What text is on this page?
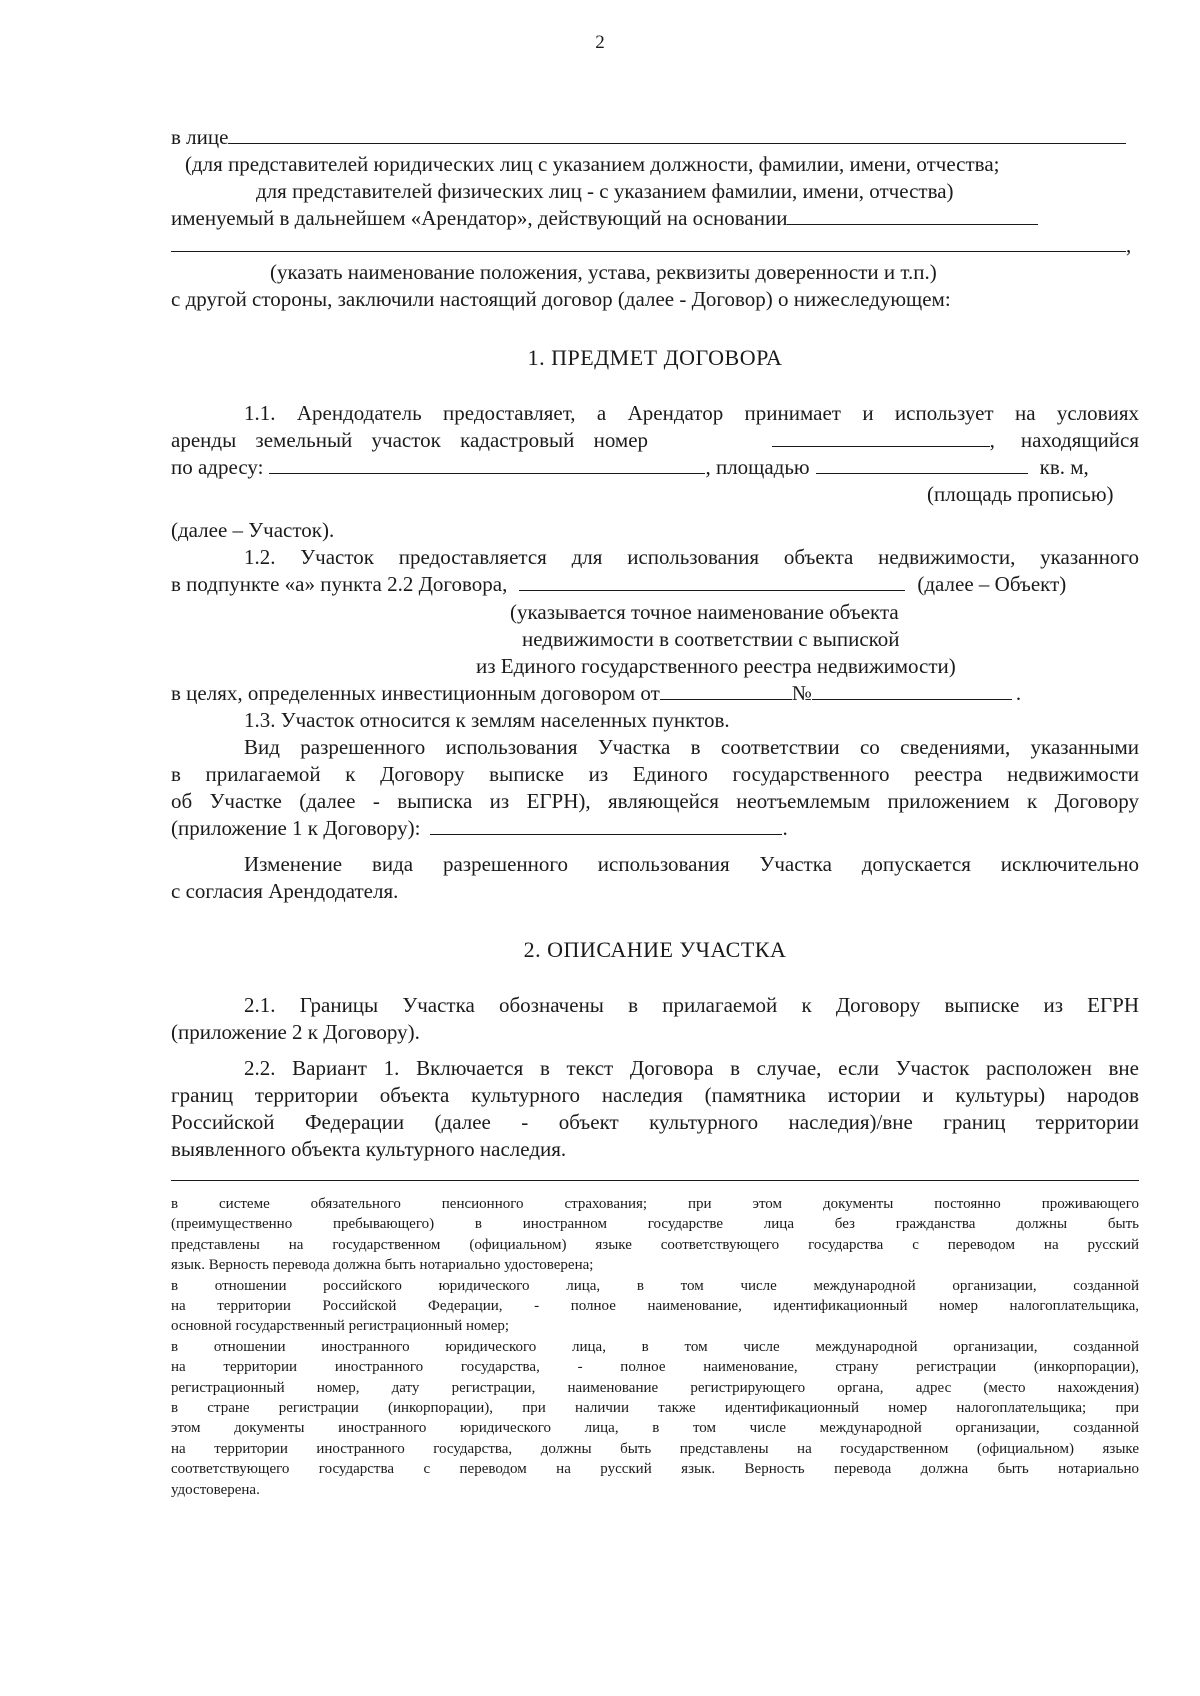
2
в лице
(для представителей юридических лиц с указанием должности, фамилии, имени, отчества;
для представителей физических лиц - с указанием фамилии, имени, отчества)
именуемый в дальнейшем «Арендатор», действующий на основании
,
(указать наименование положения, устава, реквизиты доверенности и т.п.)
с другой стороны, заключили настоящий договор (далее - Договор) о нижеследующем:
1. ПРЕДМЕТ ДОГОВОРА
1.1. Арендодатель предоставляет, а Арендатор принимает и использует на условиях
аренды земельный участок кадастровый номер	, находящийся
по адресу:	, площадью	кв. м,
(площадь прописью)
(далее – Участок).
1.2. Участок предоставляется для использования объекта недвижимости, указанного
в подпункте «а» пункта 2.2 Договора,	(далее – Объект)
(указывается точное наименование объекта
недвижимости в соответствии с выпиской
из Единого государственного реестра недвижимости)
в целях, определенных инвестиционным договором от	№	.
1.3. Участок относится к землям населенных пунктов.
Вид разрешенного использования Участка в соответствии со сведениями, указанными
в прилагаемой к Договору выписке из Единого государственного реестра недвижимости
об Участке (далее - выписка из ЕГРН), являющейся неотъемлемым приложением к Договору
(приложение 1 к Договору):	.
Изменение вида разрешенного использования Участка допускается исключительно
с согласия Арендодателя.
2. ОПИСАНИЕ УЧАСТКА
2.1. Границы Участка обозначены в прилагаемой к Договору выписке из ЕГРН
(приложение 2 к Договору).
2.2. Вариант 1. Включается в текст Договора в случае, если Участок расположен вне
границ территории объекта культурного наследия (памятника истории и культуры) народов
Российской Федерации (далее - объект культурного наследия)/вне границ территории
выявленного объекта культурного наследия.
в системе обязательного пенсионного страхования; при этом документы постоянно проживающего
(преимущественно пребывающего) в иностранном государстве лица без гражданства должны быть
представлены на государственном (официальном) языке соответствующего государства с переводом на русский
язык. Верность перевода должна быть нотариально удостоверена;
в отношении российского юридического лица, в том числе международной организации, созданной
на территории Российской Федерации, - полное наименование, идентификационный номер налогоплательщика,
основной государственный регистрационный номер;
в отношении иностранного юридического лица, в том числе международной организации, созданной
на территории иностранного государства, - полное наименование, страну регистрации (инкорпорации),
регистрационный номер, дату регистрации, наименование регистрирующего органа, адрес (место нахождения)
в стране регистрации (инкорпорации), при наличии также идентификационный номер налогоплательщика; при
этом документы иностранного юридического лица, в том числе международной организации, созданной
на территории иностранного государства, должны быть представлены на государственном (официальном) языке
соответствующего государства с переводом на русский язык. Верность перевода должна быть нотариально
удостоверена.
